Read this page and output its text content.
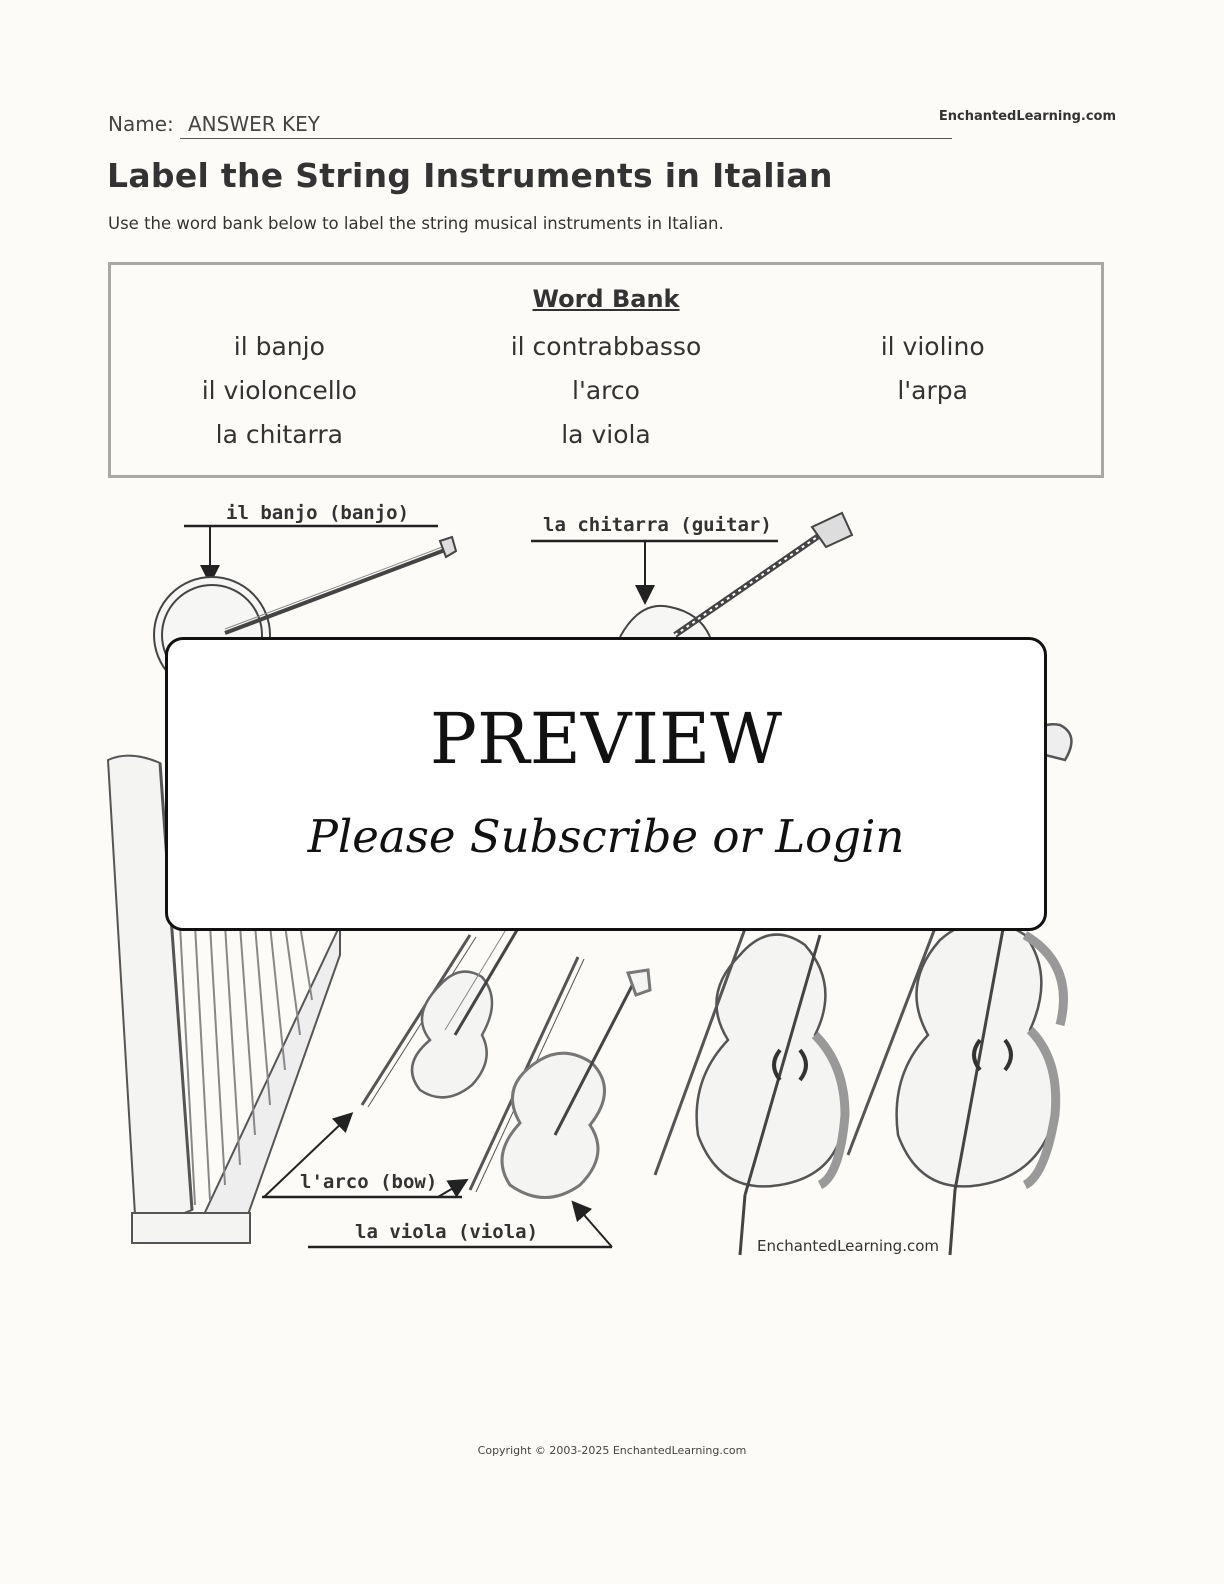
Name: ANSWER KEY	EnchantedLearning.com
Label the String Instruments in Italian
Use the word bank below to label the string musical instruments in Italian.
Word Bank
il banjo	il contrabbasso	il violino
il violoncello	l'arco	l'arpa
la chitarra	la viola
il banjo (banjo)
la chitarra (guitar)
l'arco (bow)
la viola (viola)
EnchantedLearning.com
PREVIEW
Please Subscribe or Login
Copyright © 2003-2025 EnchantedLearning.com
